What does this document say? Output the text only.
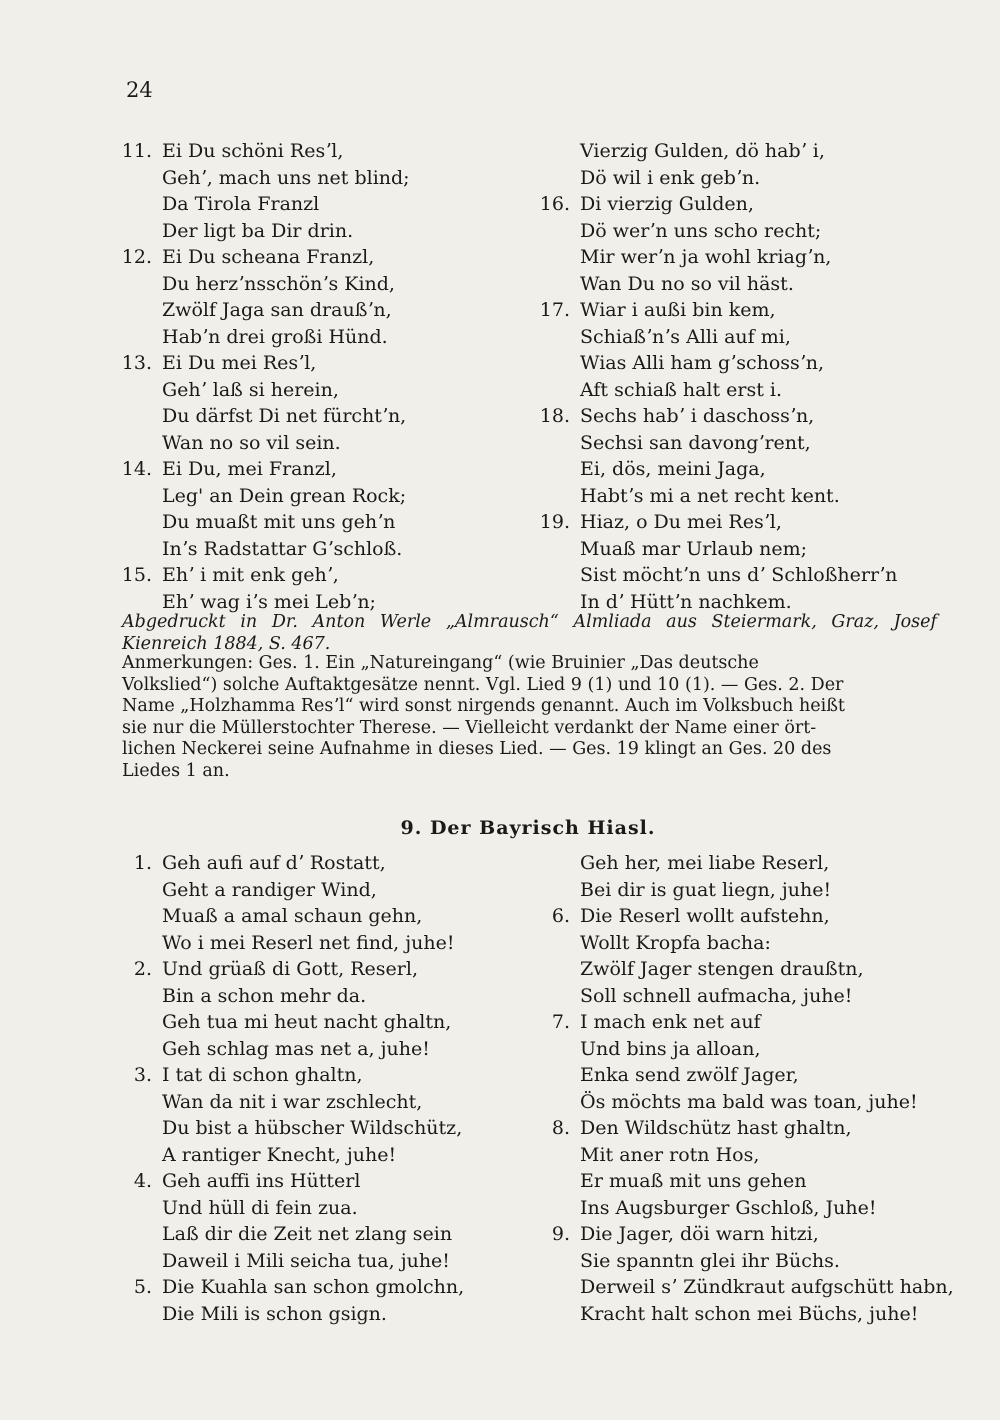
24
11. Ei Du schöni Resʼl,
Gehʼ, mach uns net blind;
Da Tirola Franzl
Der ligt ba Dir drin.
12. Ei Du scheana Franzl,
Du herzʼnsschönʼs Kind,
Zwölf Jaga san draußʼn,
Habʼn drei großi Hünd.
13. Ei Du mei Resʼl,
Gehʼ laß si herein,
Du därfst Di net fürchtʼn,
Wan no so vil sein.
14. Ei Du, mei Franzl,
Leg' an Dein grean Rock;
Du muaßt mit uns gehʼn
Inʼs Radstattar Gʼschloß.
15. Ehʼ i mit enk gehʼ,
Ehʼ wag iʼs mei Lebʼn;
Vierzig Gulden, dö habʼ i,
Dö wil i enk gebʼn.
16. Di vierzig Gulden,
Dö werʼn uns scho recht;
Mir werʼn ja wohl kriagʼn,
Wan Du no so vil häst.
17. Wiar i außi bin kem,
Schiaßʼnʼs Alli auf mi,
Wias Alli ham gʼschossʼn,
Aft schiaß halt erst i.
18. Sechs habʼ i daschossʼn,
Sechsi san davongʼrent,
Ei, dös, meini Jaga,
Habtʼs mi a net recht kent.
19. Hiaz, o Du mei Resʼl,
Muaß mar Urlaub nem;
Sist möchtʼn uns dʼ Schloßherrʼn
In dʼ Hüttʼn nachkem.
Abgedruckt in Dr. Anton Werle „Almrausch“ Almliada aus Steiermark, Graz, Josef Kienreich 1884, S. 467.
Anmerkungen: Ges. 1. Ein „Natureingang“ (wie Bruinier „Das deutsche
Volkslied“) solche Auftaktgesätze nennt. Vgl. Lied 9 (1) und 10 (1). — Ges. 2. Der
Name „Holzhamma Resʼl“ wird sonst nirgends genannt. Auch im Volksbuch heißt
sie nur die Müllerstochter Therese. — Vielleicht verdankt der Name einer ört-
lichen Neckerei seine Aufnahme in dieses Lied. — Ges. 19 klingt an Ges. 20 des
Liedes 1 an.
9. Der Bayrisch Hiasl.
1. Geh aufi auf dʼ Rostatt,
Geht a randiger Wind,
Muaß a amal schaun gehn,
Wo i mei Reserl net find, juhe!
2. Und grüaß di Gott, Reserl,
Bin a schon mehr da.
Geh tua mi heut nacht ghaltn,
Geh schlag mas net a, juhe!
3. I tat di schon ghaltn,
Wan da nit i war zschlecht,
Du bist a hübscher Wildschütz,
A rantiger Knecht, juhe!
4. Geh auffi ins Hütterl
Und hüll di fein zua.
Laß dir die Zeit net zlang sein
Daweil i Mili seicha tua, juhe!
5. Die Kuahla san schon gmolchn,
Die Mili is schon gsign.
Geh her, mei liabe Reserl,
Bei dir is guat liegn, juhe!
6. Die Reserl wollt aufstehn,
Wollt Kropfa bacha:
Zwölf Jager stengen draußtn,
Soll schnell aufmacha, juhe!
7. I mach enk net auf
Und bins ja alloan,
Enka send zwölf Jager,
Ös möchts ma bald was toan, juhe!
8. Den Wildschütz hast ghaltn,
Mit aner rotn Hos,
Er muaß mit uns gehen
Ins Augsburger Gschloß, Juhe!
9. Die Jager, döi warn hitzi,
Sie spanntn glei ihr Büchs.
Derweil sʼ Zündkraut aufgschütt habn,
Kracht halt schon mei Büchs, juhe!
